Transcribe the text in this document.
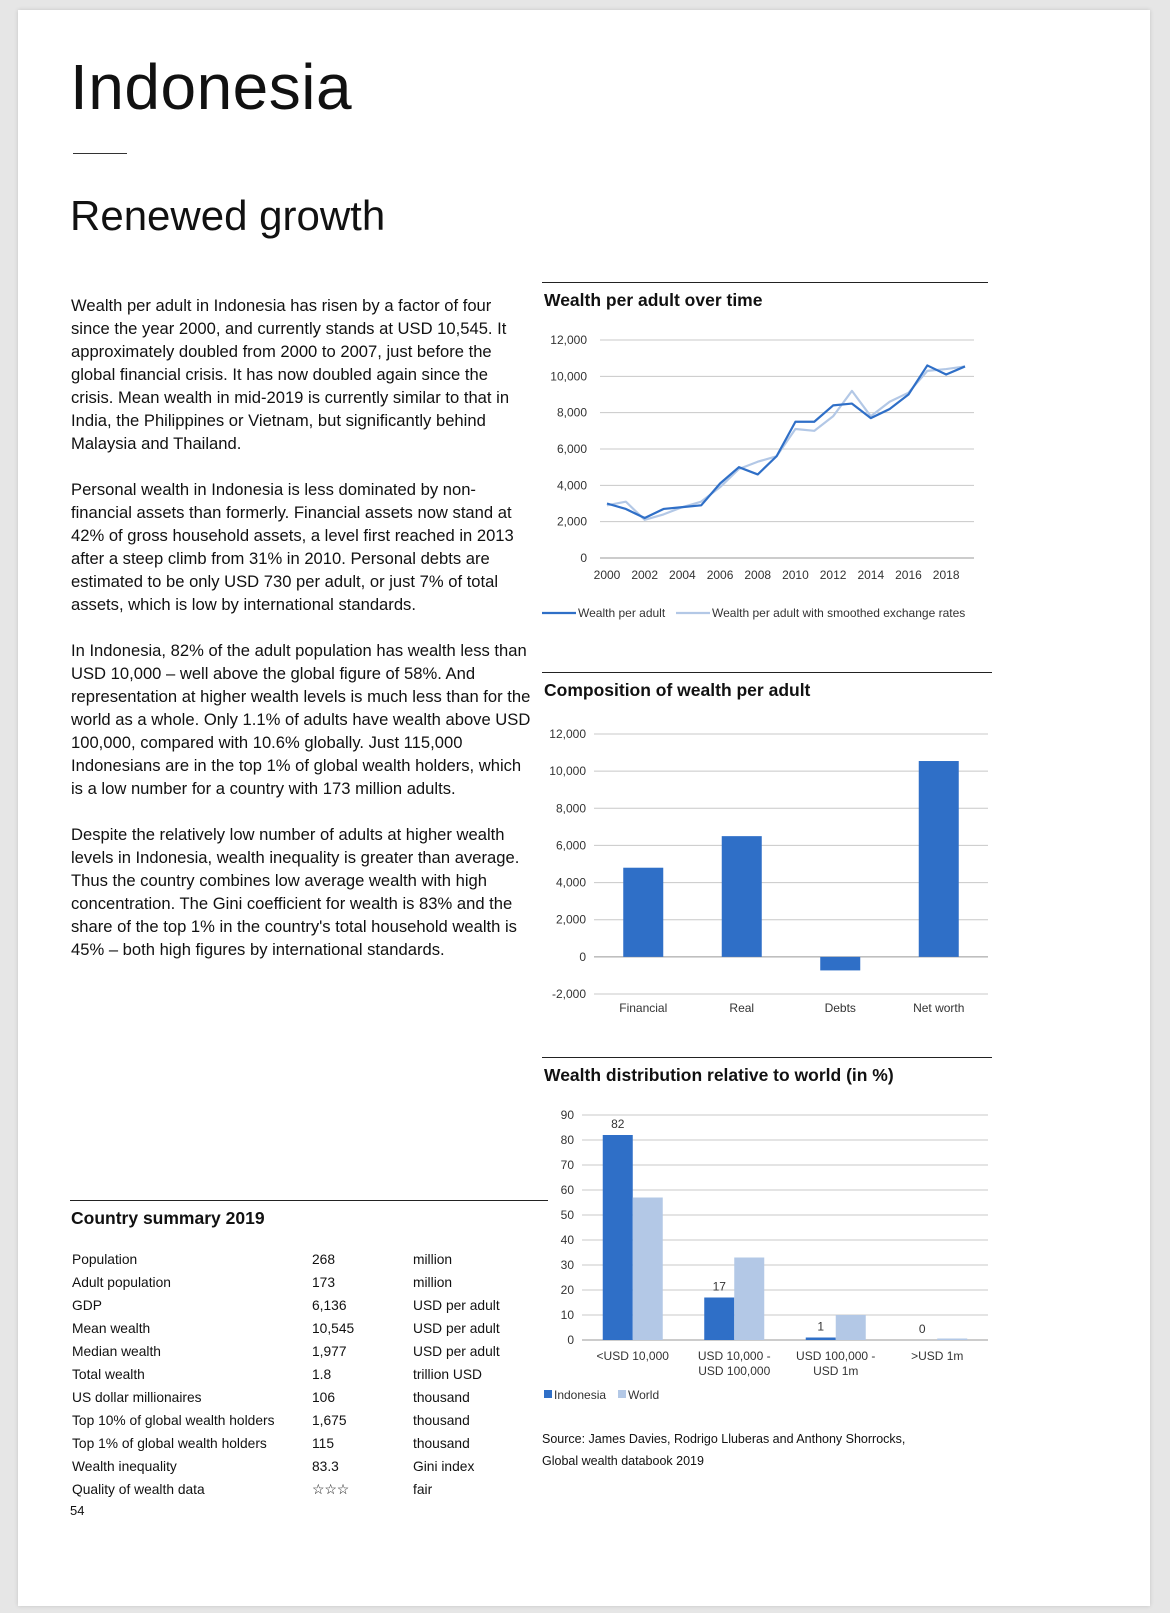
Indonesia
Renewed growth

Wealth per adult in Indonesia has risen by a factor of four since the year 2000, and currently stands at USD 10,545. It approximately doubled from 2000 to 2007, just before the global financial crisis. It has now doubled again since the crisis. Mean wealth in mid-2019 is currently similar to that in India, the Philippines or Vietnam, but significantly behind Malaysia and Thailand.

Personal wealth in Indonesia is less dominated by non-financial assets than formerly. Financial assets now stand at 42% of gross household assets, a level first reached in 2013 after a steep climb from 31% in 2010. Personal debts are estimated to be only USD 730 per adult, or just 7% of total assets, which is low by international standards.

In Indonesia, 82% of the adult population has wealth less than USD 10,000 – well above the global figure of 58%. And representation at higher wealth levels is much less than for the world as a whole. Only 1.1% of adults have wealth above USD 100,000, compared with 10.6% globally. Just 115,000 Indonesians are in the top 1% of global wealth holders, which is a low number for a country with 173 million adults.

Despite the relatively low number of adults at higher wealth levels in Indonesia, wealth inequality is greater than average. Thus the country combines low average wealth with high concentration. The Gini coefficient for wealth is 83% and the share of the top 1% in the country's total household wealth is 45% – both high figures by international standards.

Wealth per adult over time
0
2,000
4,000
6,000
8,000
10,000
12,000
2000 2002 2004 2006 2008 2010 2012 2014 2016 2018
Wealth per adult	Wealth per adult with smoothed exchange rates
Composition of wealth per adult
-2,000
0
2,000
4,000
6,000
8,000
10,000
12,000
Financial	Real	Debts	Net worth
Wealth distribution relative to world (in %)
0
10
20
30
40
50
60
70
80
90
82
<USD 10,000
17
USD 10,000 -
USD 100,000
1
USD 100,000 -
USD 1m
0
>USD 1m
Indonesia World
Country summary 2019
Population	268	million
Adult population	173	million
GDP	6,136	USD per adult
Mean wealth	10,545	USD per adult
Median wealth	1,977	USD per adult
Total wealth	1.8	trillion USD
US dollar millionaires	106	thousand
Top 10% of global wealth holders	1,675	thousand
Top 1% of global wealth holders	115	thousand
Wealth inequality	83.3	Gini index
Quality of wealth data	☆☆☆	fair
Source: James Davies, Rodrigo Lluberas and Anthony Shorrocks,
Global wealth databook 2019
54
